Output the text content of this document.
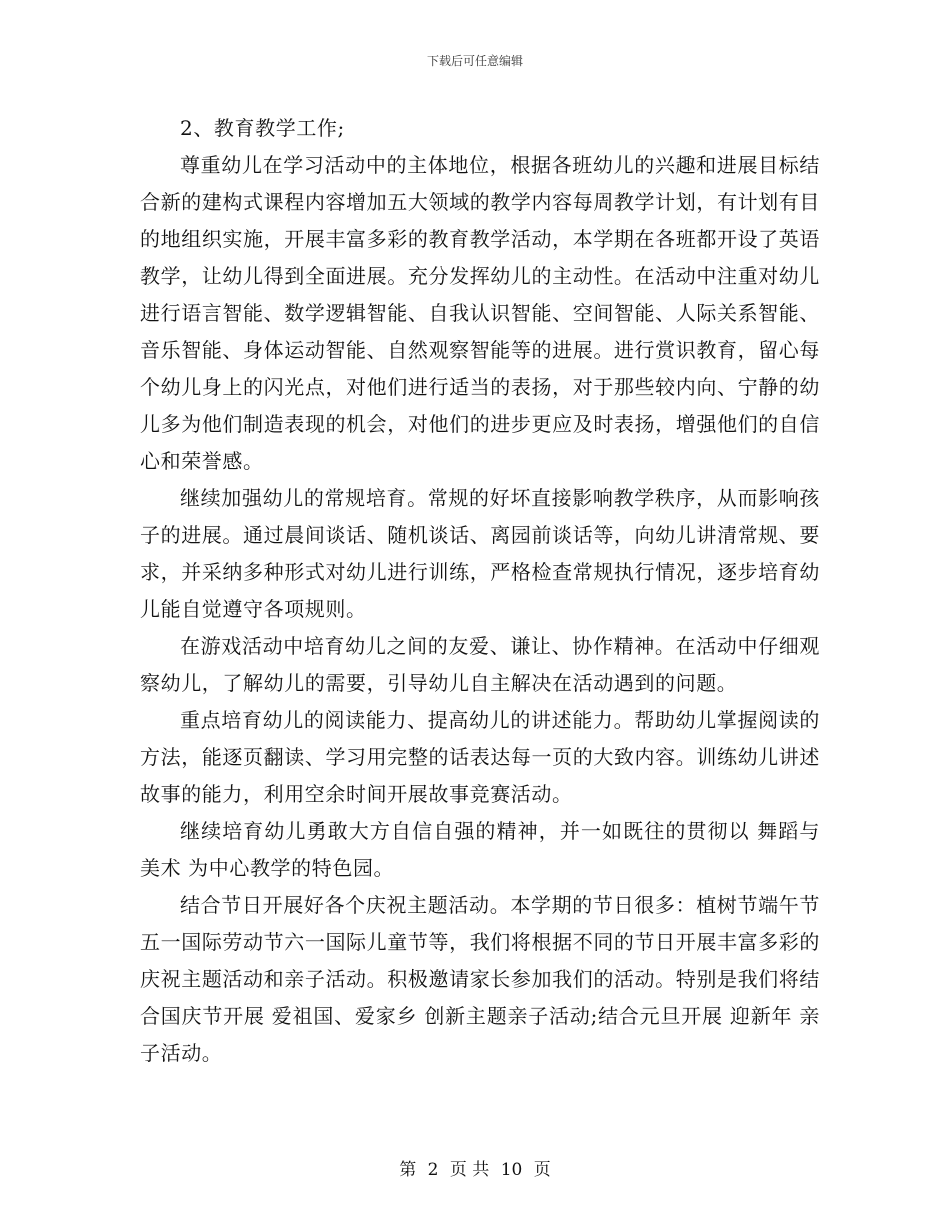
下载后可任意编辑

2、教育教学工作;

尊重幼儿在学习活动中的主体地位，根据各班幼儿的兴趣和进展目标结合新的建构式课程内容增加五大领域的教学内容每周教学计划，有计划有目的地组织实施，开展丰富多彩的教育教学活动，本学期在各班都开设了英语教学，让幼儿得到全面进展。充分发挥幼儿的主动性。在活动中注重对幼儿进行语言智能、数学逻辑智能、自我认识智能、空间智能、人际关系智能、音乐智能、身体运动智能、自然观察智能等的进展。进行赏识教育，留心每个幼儿身上的闪光点，对他们进行适当的表扬，对于那些较内向、宁静的幼儿多为他们制造表现的机会，对他们的进步更应及时表扬，增强他们的自信心和荣誉感。

继续加强幼儿的常规培育。常规的好坏直接影响教学秩序，从而影响孩子的进展。通过晨间谈话、随机谈话、离园前谈话等，向幼儿讲清常规、要求，并采纳多种形式对幼儿进行训练，严格检查常规执行情况，逐步培育幼儿能自觉遵守各项规则。

在游戏活动中培育幼儿之间的友爱、谦让、协作精神。在活动中仔细观察幼儿，了解幼儿的需要，引导幼儿自主解决在活动遇到的问题。

重点培育幼儿的阅读能力、提高幼儿的讲述能力。帮助幼儿掌握阅读的方法，能逐页翻读、学习用完整的话表达每一页的大致内容。训练幼儿讲述故事的能力，利用空余时间开展故事竞赛活动。

继续培育幼儿勇敢大方自信自强的精神，并一如既往的贯彻以 舞蹈与美术 为中心教学的特色园。

结合节日开展好各个庆祝主题活动。本学期的节日很多：植树节端午节五一国际劳动节六一国际儿童节等，我们将根据不同的节日开展丰富多彩的庆祝主题活动和亲子活动。积极邀请家长参加我们的活动。特别是我们将结合国庆节开展 爱祖国、爱家乡 创新主题亲子活动;结合元旦开展 迎新年 亲子活动。

第 2 页 共 10 页
